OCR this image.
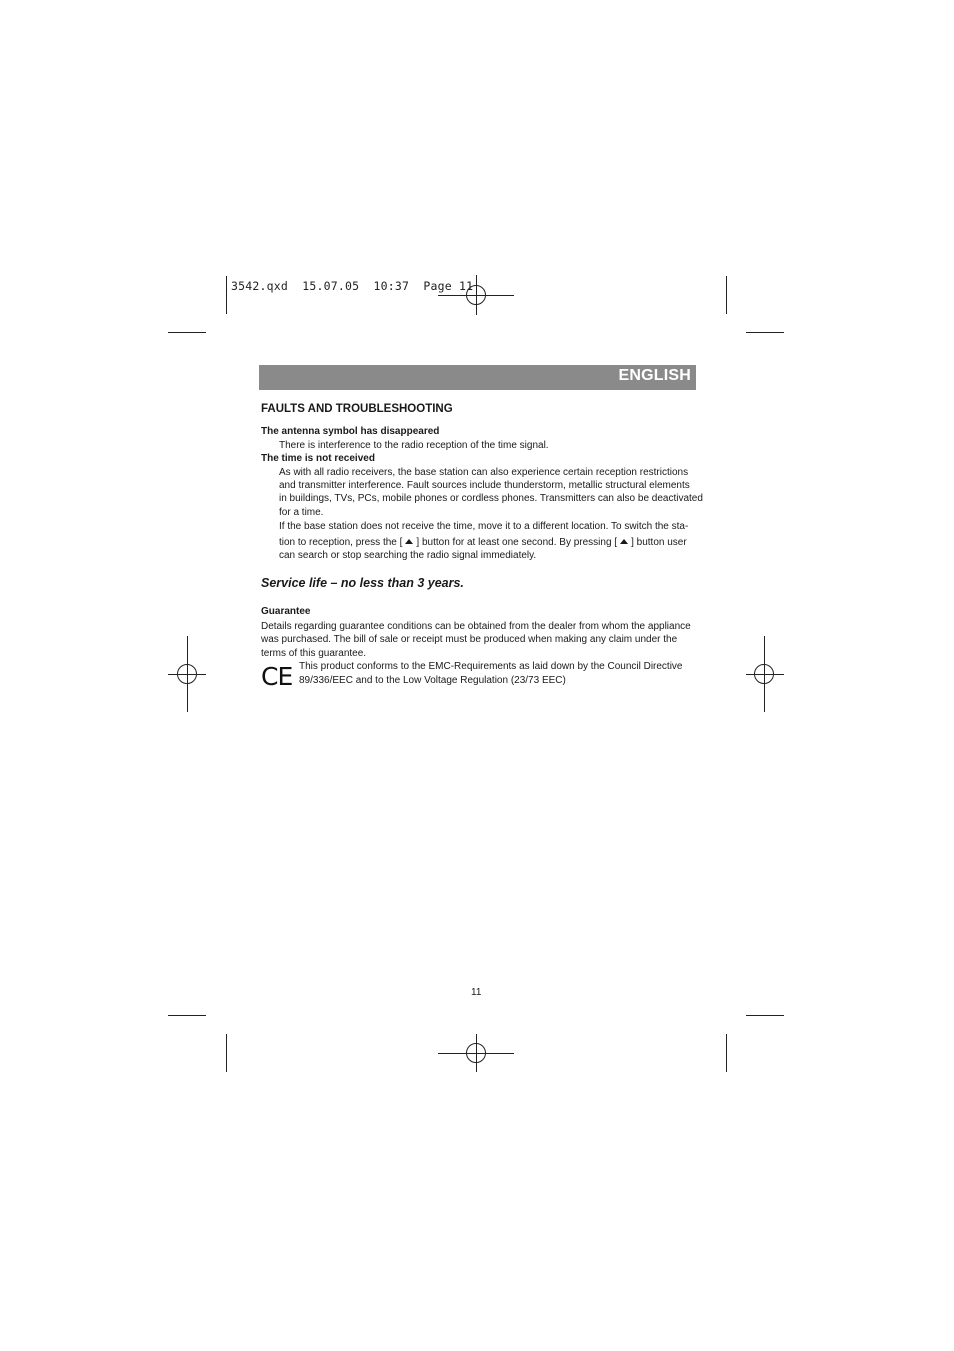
3542.qxd 15.07.05 10:37 Page 11
ENGLISH
FAULTS AND TROUBLESHOOTING
The antenna symbol has disappeared
There is interference to the radio reception of the time signal.
The time is not received
As with all radio receivers, the base station can also experience certain reception restrictions
and transmitter interference. Fault sources include thunderstorm, metallic structural elements
in buildings, TVs, PCs, mobile phones or cordless phones. Transmitters can also be deactivated
for a time.
If the base station does not receive the time, move it to a different location. To switch the sta-
tion to reception, press the [ ] button for at least one second. By pressing [ ] button user
can search or stop searching the radio signal immediately.
Service life – no less than 3 years.
Guarantee
Details regarding guarantee conditions can be obtained from the dealer from whom the appliance
was purchased. The bill of sale or receipt must be produced when making any claim under the
terms of this guarantee.
CE This product conforms to the EMC-Requirements as laid down by the Council Directive
89/336/EEC and to the Low Voltage Regulation (23/73 EEC)
11
